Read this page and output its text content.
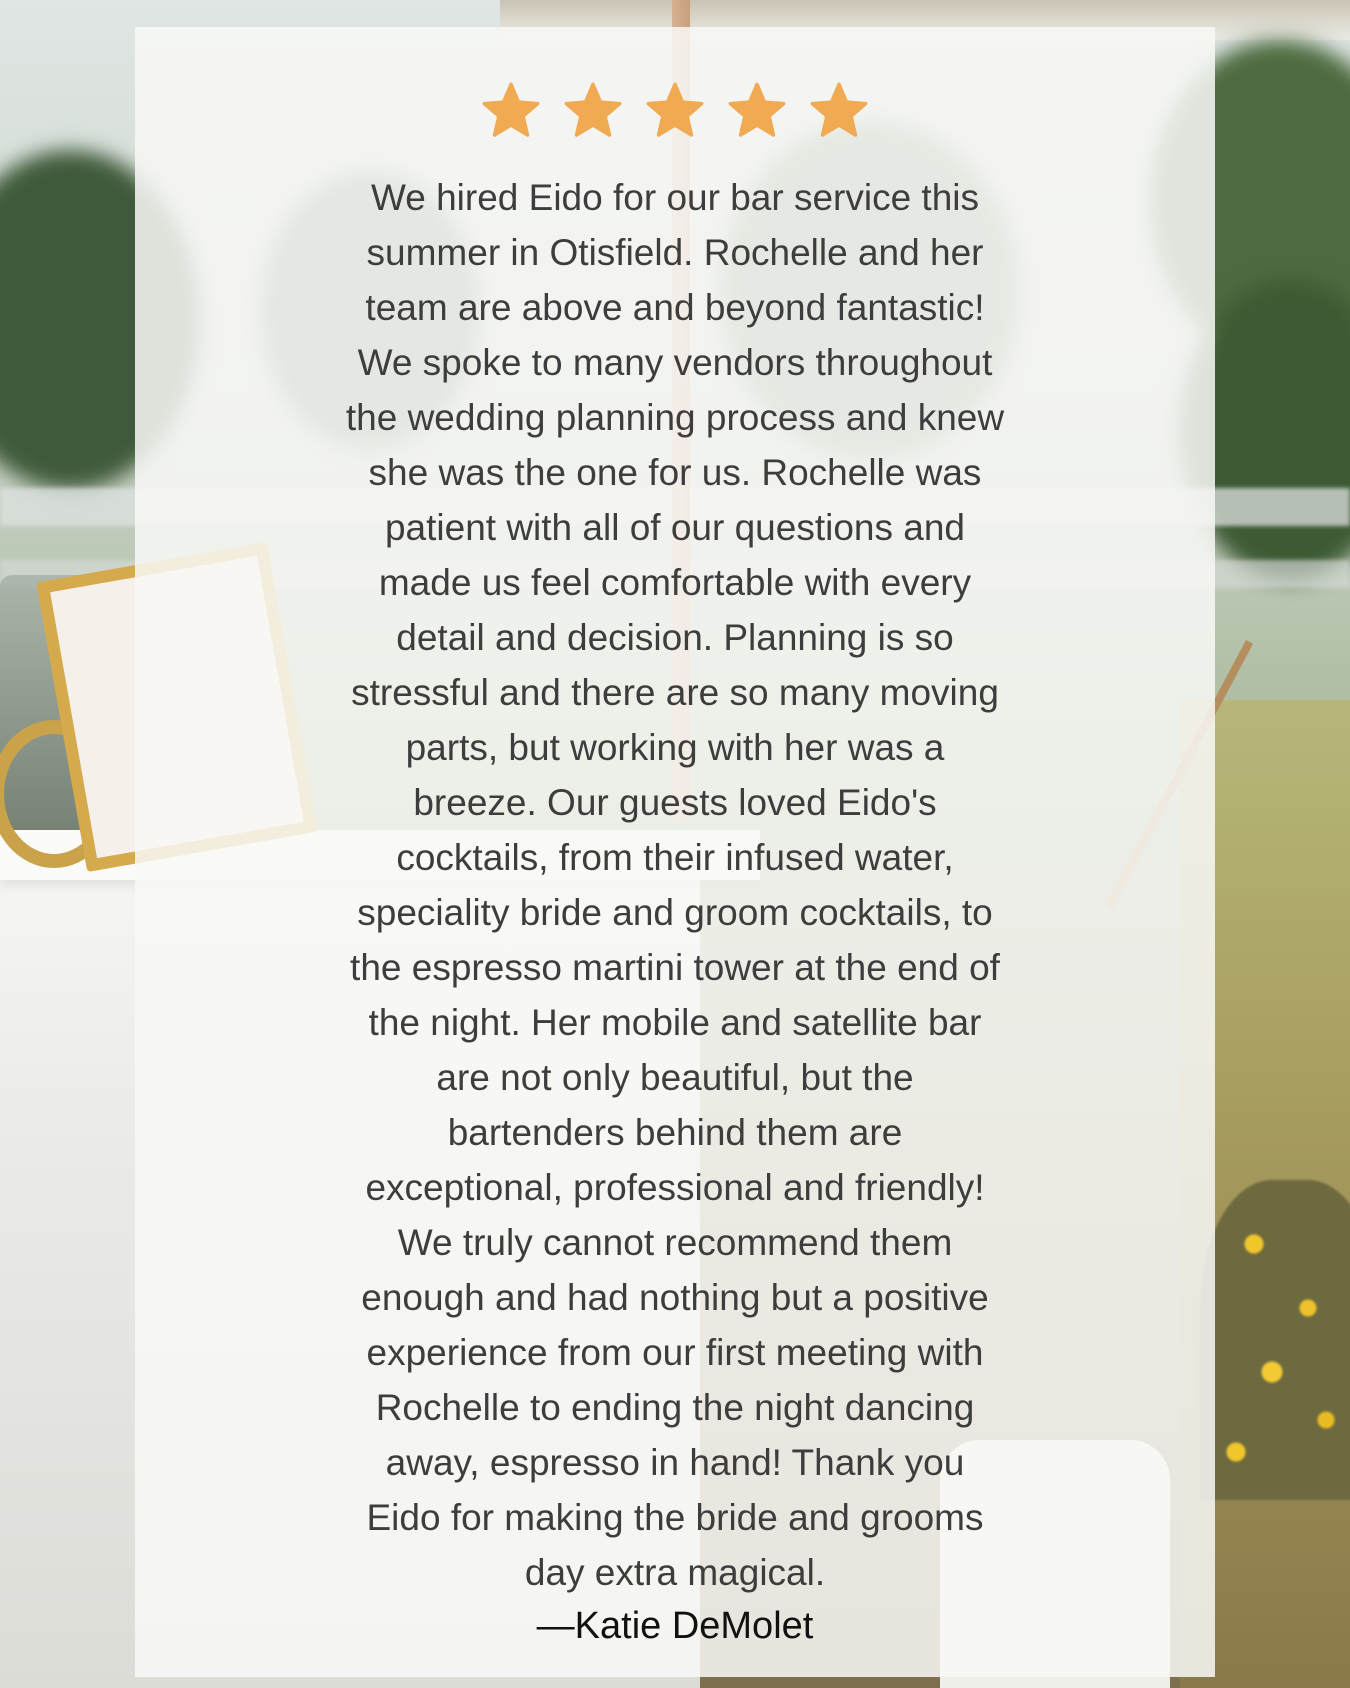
We hired Eido for our bar service this
summer in Otisfield. Rochelle and her
team are above and beyond fantastic!
We spoke to many vendors throughout
the wedding planning process and knew
she was the one for us. Rochelle was
patient with all of our questions and
made us feel comfortable with every
detail and decision. Planning is so
stressful and there are so many moving
parts, but working with her was a
breeze. Our guests loved Eido's
cocktails, from their infused water,
speciality bride and groom cocktails, to
the espresso martini tower at the end of
the night. Her mobile and satellite bar
are not only beautiful, but the
bartenders behind them are
exceptional, professional and friendly!
We truly cannot recommend them
enough and had nothing but a positive
experience from our first meeting with
Rochelle to ending the night dancing
away, espresso in hand! Thank you
Eido for making the bride and grooms
day extra magical.

—Katie DeMolet
